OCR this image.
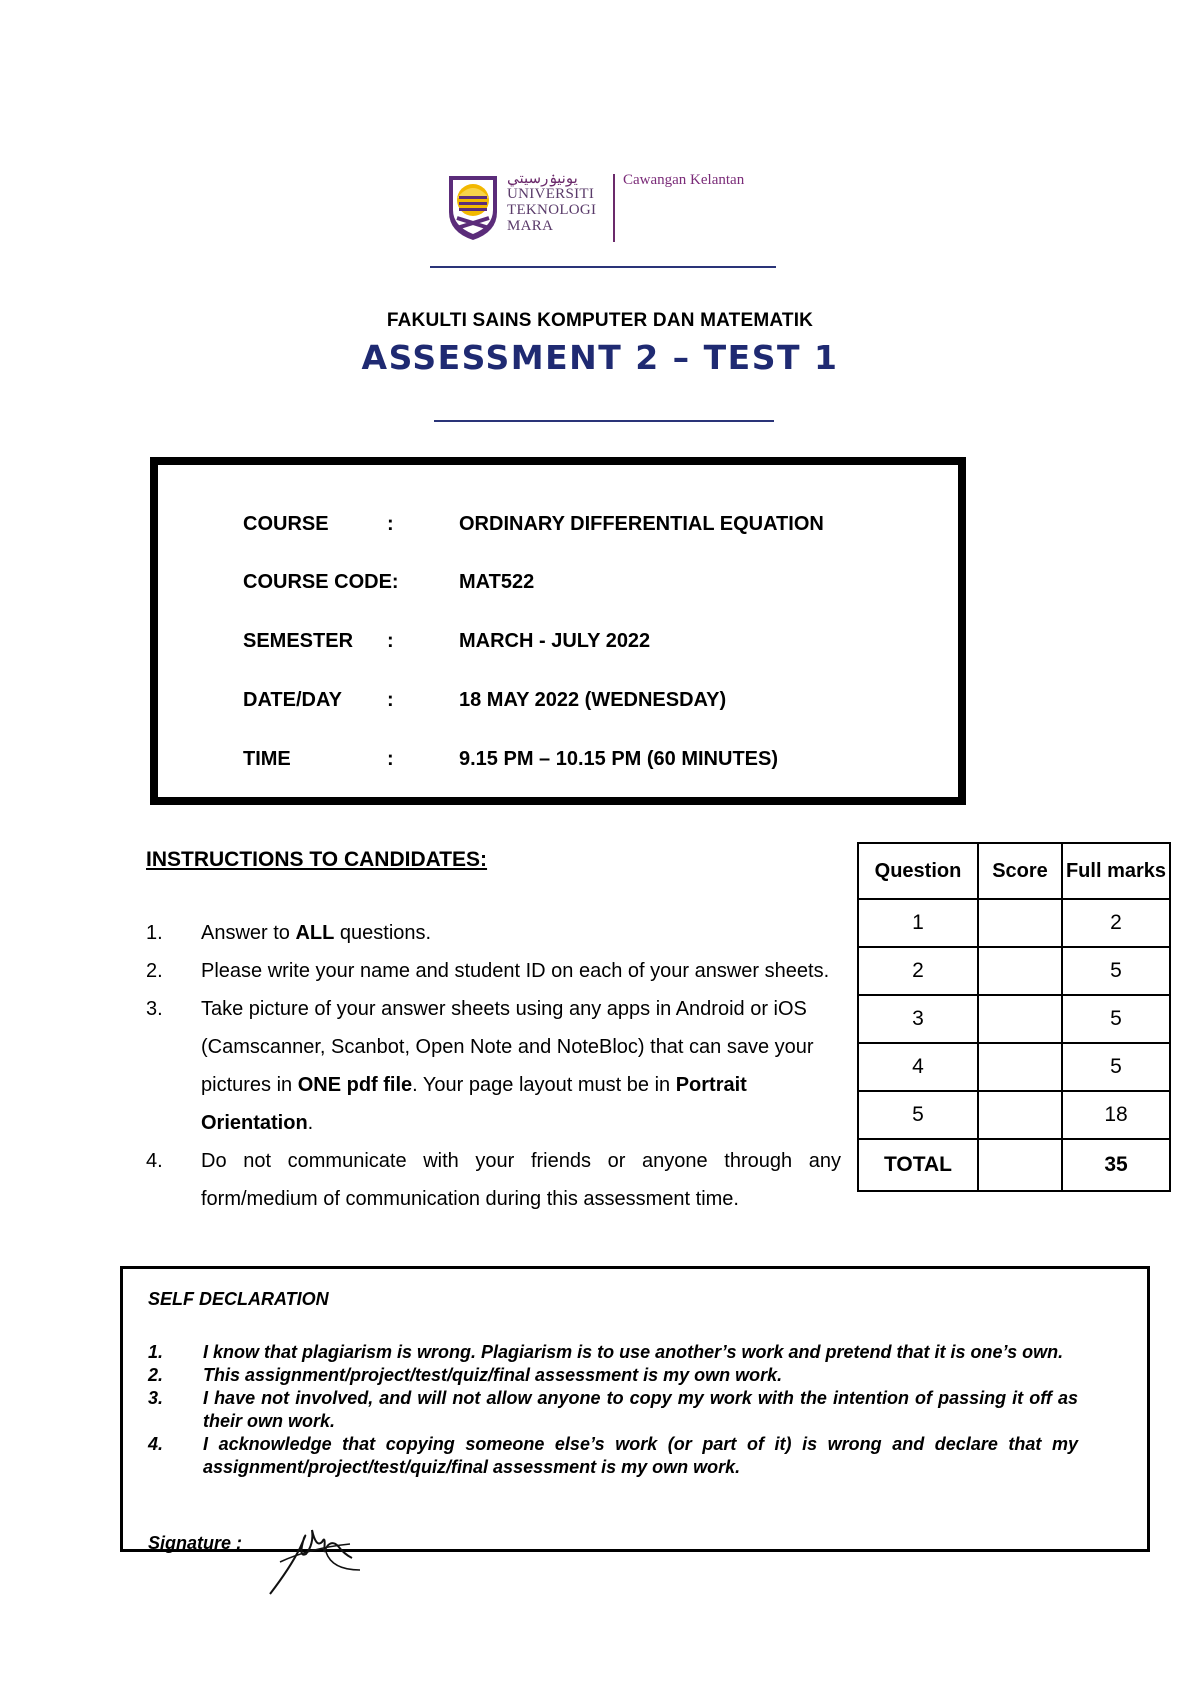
يونيۏرسيتي
UNIVERSITI
TEKNOLOGI
MARA
Cawangan Kelantan
FAKULTI SAINS KOMPUTER DAN MATEMATIK
ASSESSMENT 2 – TEST 1
COURSE	:	ORDINARY DIFFERENTIAL EQUATION
COURSE CODE:	MAT522
SEMESTER :	MARCH - JULY 2022
DATE/DAY :	18 MAY 2022 (WEDNESDAY)
TIME	:	9.15 PM – 10.15 PM (60 MINUTES)
INSTRUCTIONS TO CANDIDATES:
1. Answer to ALL questions.
2. Please write your name and student ID on each of your answer sheets.
3. Take picture of your answer sheets using any apps in Android or iOS (Camscanner, Scanbot, Open Note and NoteBloc) that can save your pictures in ONE pdf file. Your page layout must be in Portrait Orientation.
4. Do not communicate with your friends or anyone through any form/medium of communication during this assessment time.
Question	Score	Full marks
1		2
2		5
3		5
4		5
5		18
TOTAL		35
SELF DECLARATION
1. I know that plagiarism is wrong. Plagiarism is to use another’s work and pretend that it is one’s own.
2. This assignment/project/test/quiz/final assessment is my own work.
3. I have not involved, and will not allow anyone to copy my work with the intention of passing it off as their own work.
4. I acknowledge that copying someone else’s work (or part of it) is wrong and declare that my assignment/project/test/quiz/final assessment is my own work.
Signature :
